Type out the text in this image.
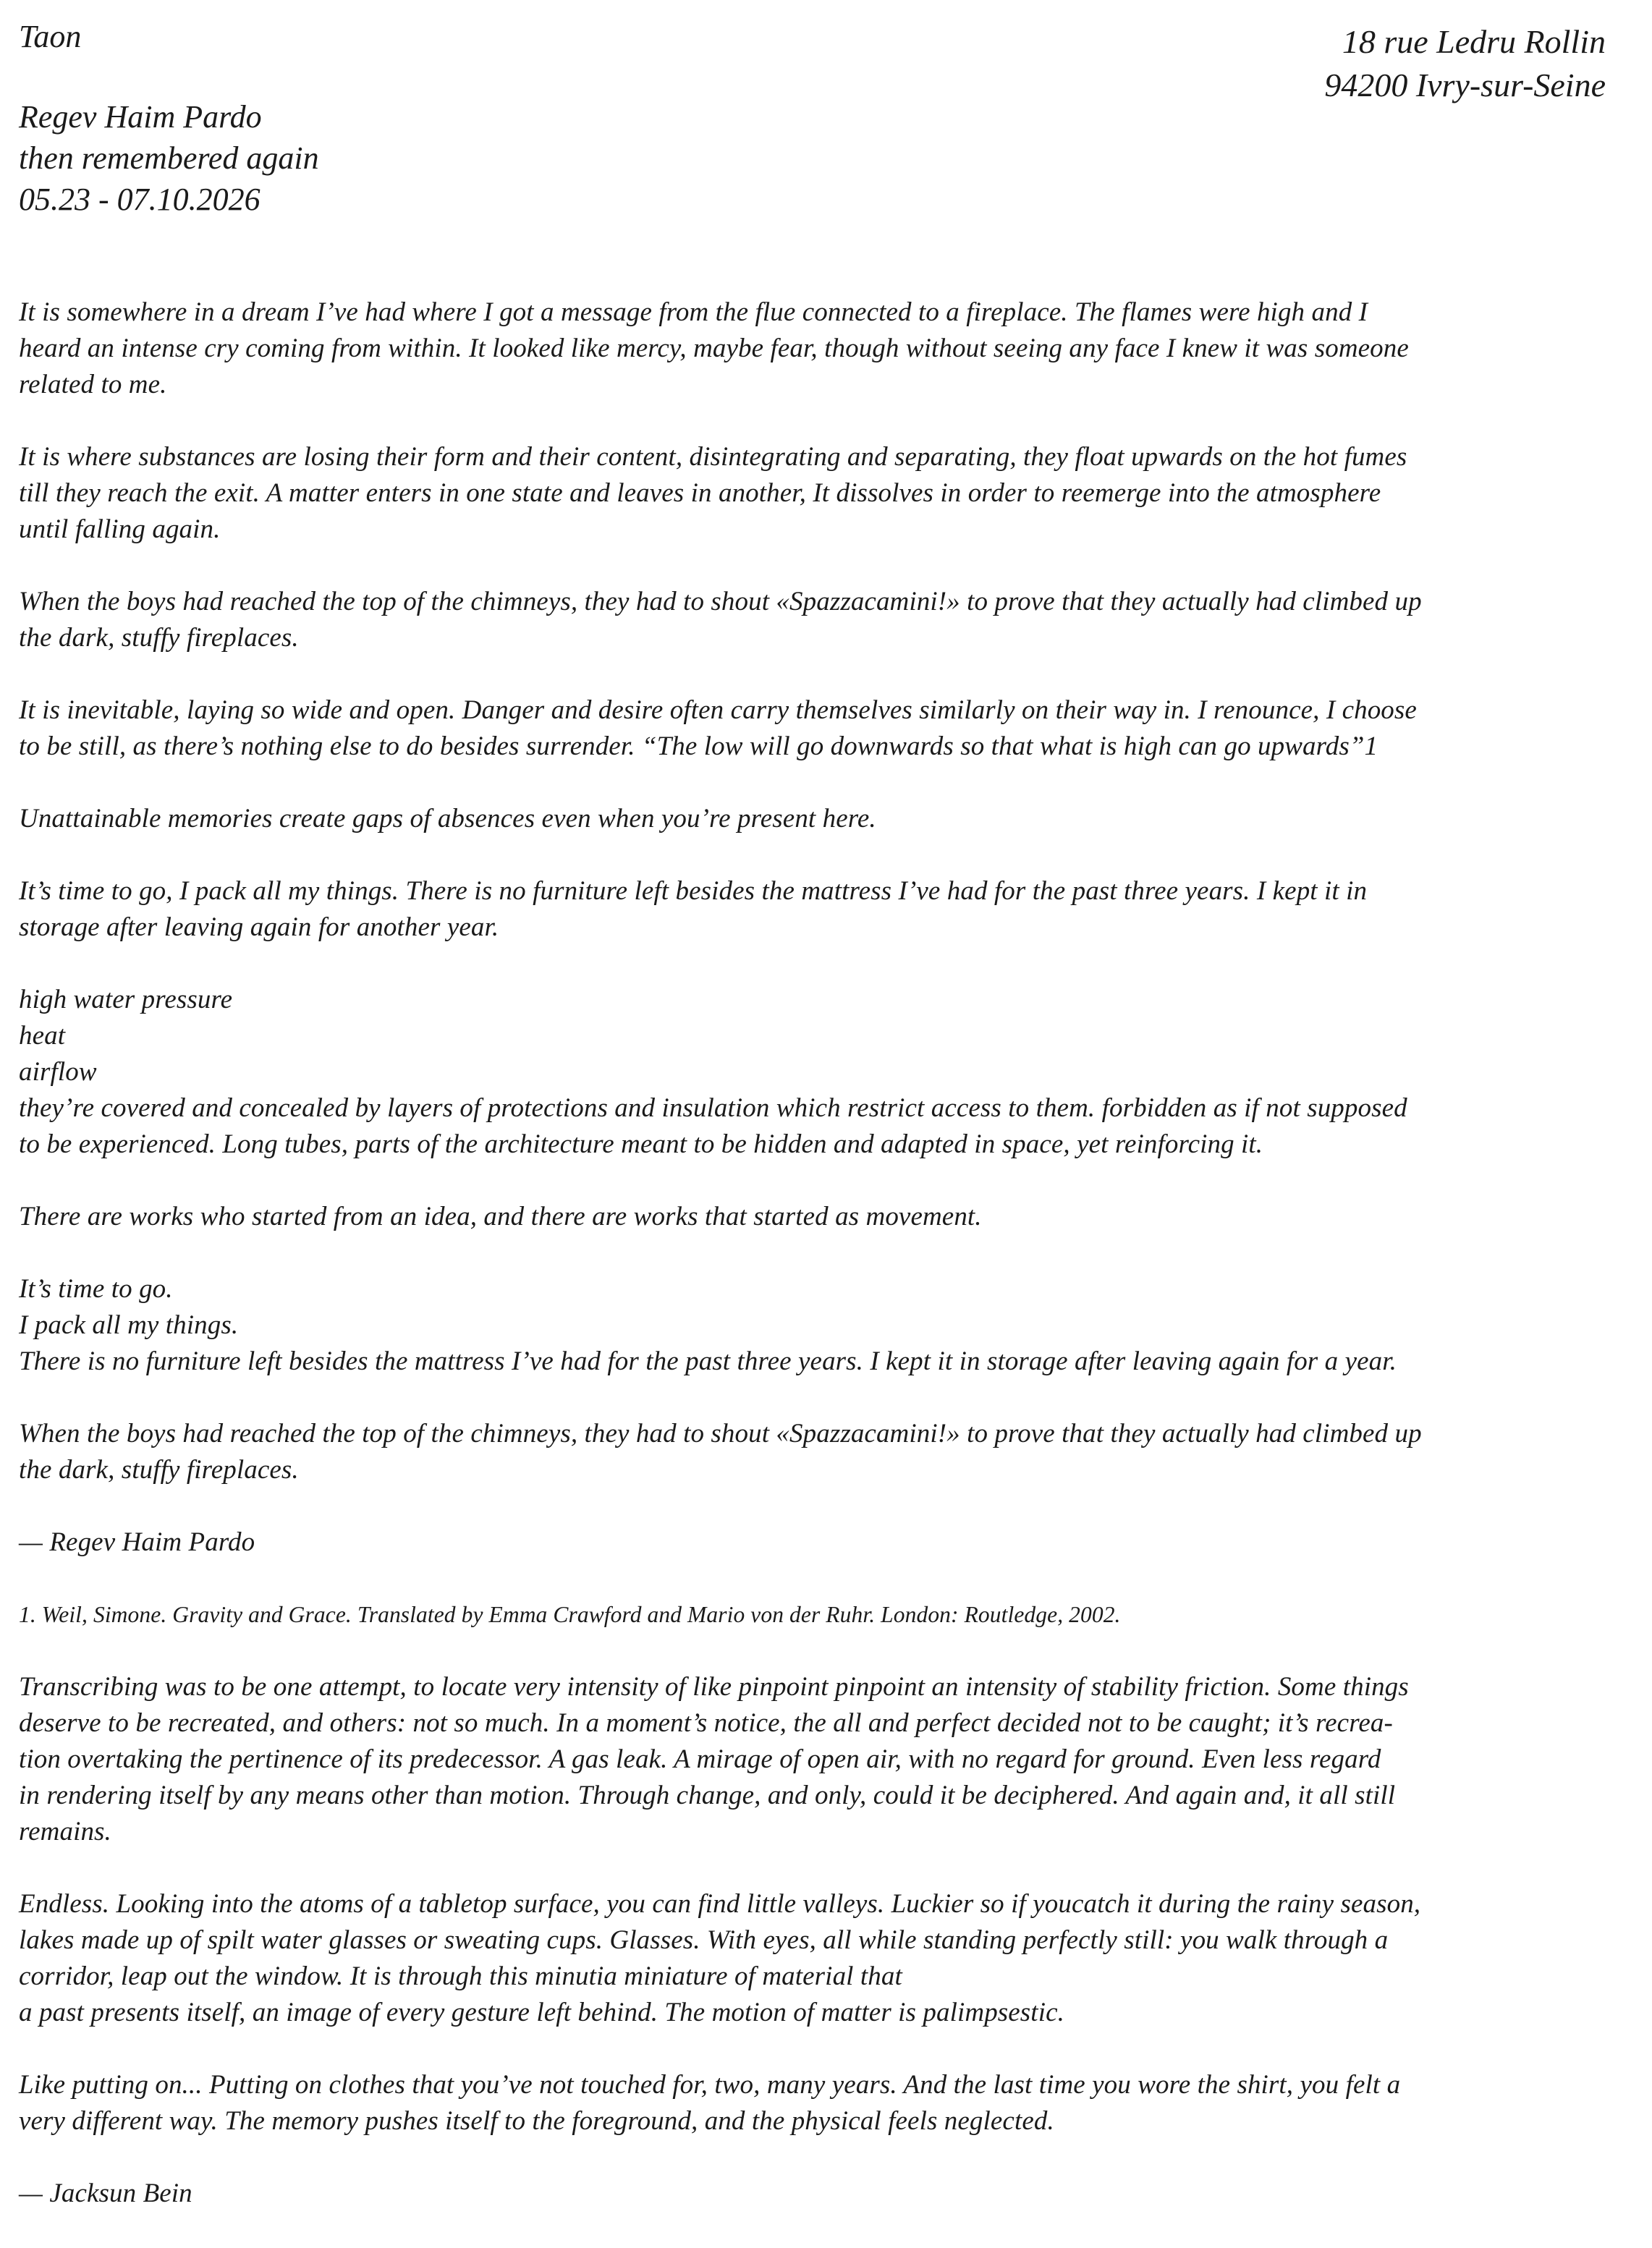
Taon
Regev Haim Pardo
then remembered again
05.23 - 07.10.2026
18 rue Ledru Rollin
94200 Ivry-sur-Seine

It is somewhere in a dream I’ve had where I got a message from the flue connected to a fireplace. The flames were high and I
heard an intense cry coming from within. It looked like mercy, maybe fear, though without seeing any face I knew it was someone
related to me.

It is where substances are losing their form and their content, disintegrating and separating, they float upwards on the hot fumes
till they reach the exit. A matter enters in one state and leaves in another, It dissolves in order to reemerge into the atmosphere
until falling again.

When the boys had reached the top of the chimneys, they had to shout «Spazzacamini!» to prove that they actually had climbed up
the dark, stuffy fireplaces.

It is inevitable, laying so wide and open. Danger and desire often carry themselves similarly on their way in. I renounce, I choose
to be still, as there’s nothing else to do besides surrender. “The low will go downwards so that what is high can go upwards”1

Unattainable memories create gaps of absences even when you’re present here.

It’s time to go, I pack all my things. There is no furniture left besides the mattress I’ve had for the past three years. I kept it in
storage after leaving again for another year.

high water pressure
heat
airflow
they’re covered and concealed by layers of protections and insulation which restrict access to them. forbidden as if not supposed
to be experienced. Long tubes, parts of the architecture meant to be hidden and adapted in space, yet reinforcing it.

There are works who started from an idea, and there are works that started as movement.

It’s time to go.
I pack all my things.
There is no furniture left besides the mattress I’ve had for the past three years. I kept it in storage after leaving again for a year.

When the boys had reached the top of the chimneys, they had to shout «Spazzacamini!» to prove that they actually had climbed up
the dark, stuffy fireplaces.

— Regev Haim Pardo

1. Weil, Simone. Gravity and Grace. Translated by Emma Crawford and Mario von der Ruhr. London: Routledge, 2002.

Transcribing was to be one attempt, to locate very intensity of like pinpoint pinpoint an intensity of stability friction. Some things
deserve to be recreated, and others: not so much. In a moment’s notice, the all and perfect decided not to be caught; it’s recrea-
tion overtaking the pertinence of its predecessor. A gas leak. A mirage of open air, with no regard for ground. Even less regard
in rendering itself by any means other than motion. Through change, and only, could it be deciphered. And again and, it all still
remains.

Endless. Looking into the atoms of a tabletop surface, you can find little valleys. Luckier so if youcatch it during the rainy season,
lakes made up of spilt water glasses or sweating cups. Glasses. With eyes, all while standing perfectly still: you walk through a
corridor, leap out the window. It is through this minutia miniature of material that
a past presents itself, an image of every gesture left behind. The motion of matter is palimpsestic.

Like putting on... Putting on clothes that you’ve not touched for, two, many years. And the last time you wore the shirt, you felt a
very different way. The memory pushes itself to the foreground, and the physical feels neglected.

— Jacksun Bein
